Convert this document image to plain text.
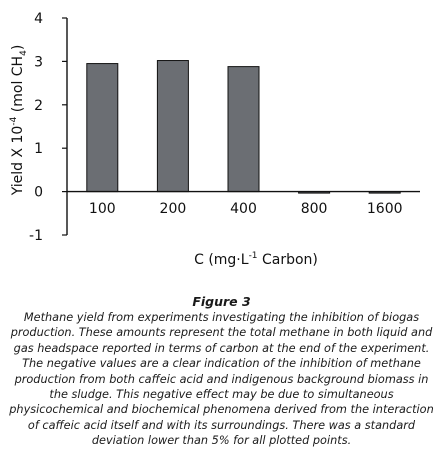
4
3
2
1
0
-1
100	200	400	800	1600
Yield X $10^{-4}$ (mol $CH_4$)
C ($mg\cdot L^{-1}$ Carbon)
Figure 3
Methane yield from experiments investigating the inhibition of biogas production. These amounts represent the total methane in both liquid and gas headspace reported in terms of carbon at the end of the experiment. The negative values are a clear indication of the inhibition of methane production from both caffeic acid and indigenous background biomass in the sludge. This negative effect may be due to simultaneous physicochemical and biochemical phenomena derived from the interaction of caffeic acid itself and with its surroundings. There was a standard deviation lower than 5% for all plotted points.
